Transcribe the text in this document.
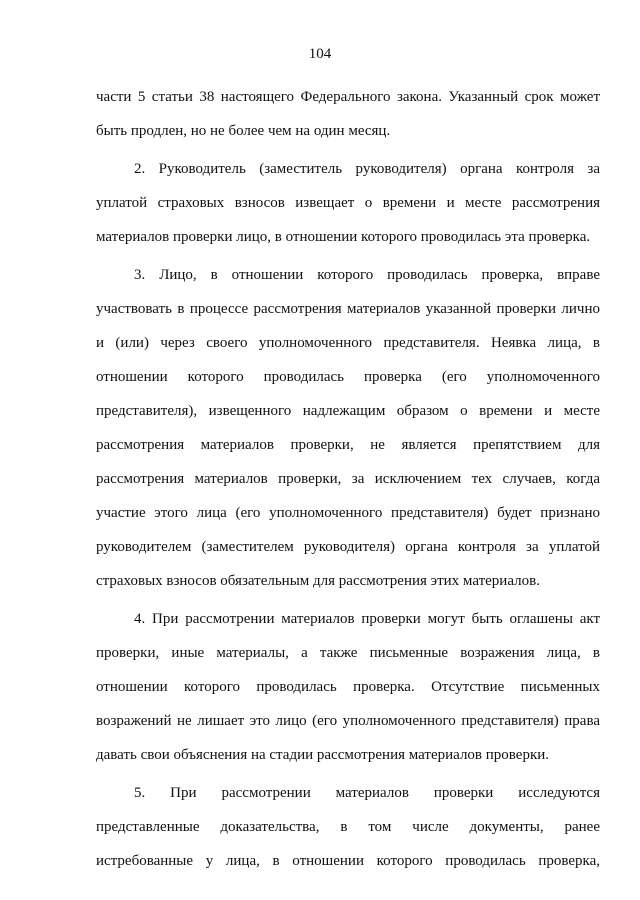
104
части 5 статьи 38 настоящего Федерального закона. Указанный срок может
быть продлен, но не более чем на один месяц.
2. Руководитель (заместитель руководителя) органа контроля за
уплатой страховых взносов извещает о времени и месте рассмотрения
материалов проверки лицо, в отношении которого проводилась эта проверка.
3. Лицо, в отношении которого проводилась проверка, вправе
участвовать в процессе рассмотрения материалов указанной проверки лично
и (или) через своего уполномоченного представителя. Неявка лица, в
отношении которого проводилась проверка (его уполномоченного
представителя), извещенного надлежащим образом о времени и месте
рассмотрения материалов проверки, не является препятствием для
рассмотрения материалов проверки, за исключением тех случаев, когда
участие этого лица (его уполномоченного представителя) будет признано
руководителем (заместителем руководителя) органа контроля за уплатой
страховых взносов обязательным для рассмотрения этих материалов.
4. При рассмотрении материалов проверки могут быть оглашены акт
проверки, иные материалы, а также письменные возражения лица, в
отношении которого проводилась проверка. Отсутствие письменных
возражений не лишает это лицо (его уполномоченного представителя) права
давать свои объяснения на стадии рассмотрения материалов проверки.
5. При рассмотрении материалов проверки исследуются
представленные доказательства, в том числе документы, ранее
истребованные у лица, в отношении которого проводилась проверка,
